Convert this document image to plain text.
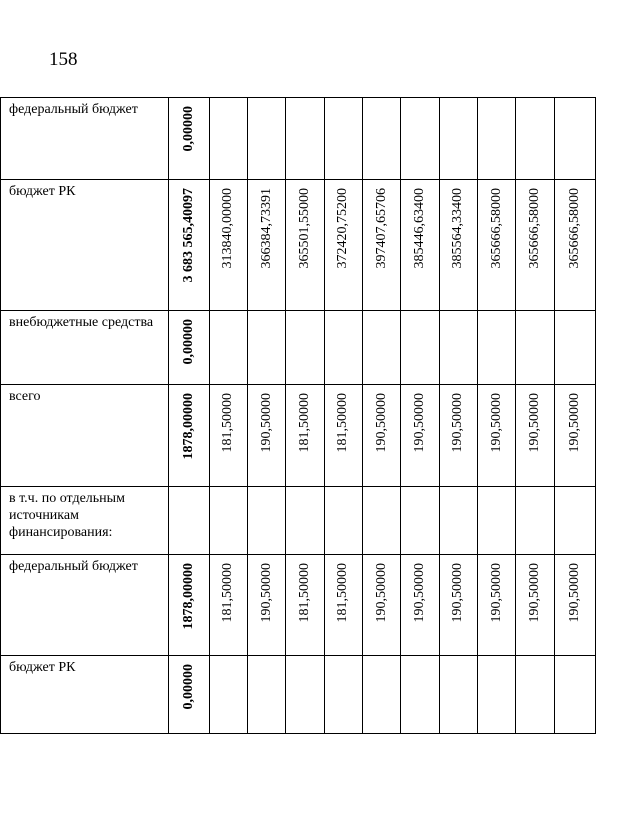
158
федеральный бюджет	0,00000										

бюджет РК	3 683 565,40097	313840,00000	366384,73391	365501,55000	372420,75200	397407,65706	385446,63400	385564,33400	365666,58000	365666,58000	365666,58000

внебюджетные средства	0,00000										

всего	1878,00000	181,50000	190,50000	181,50000	181,50000	190,50000	190,50000	190,50000	190,50000	190,50000	190,50000

в т.ч. по отдельным источникам финансирования:	

федеральный бюджет	1878,00000	181,50000	190,50000	181,50000	181,50000	190,50000	190,50000	190,50000	190,50000	190,50000	190,50000

бюджет РК	0,00000										
